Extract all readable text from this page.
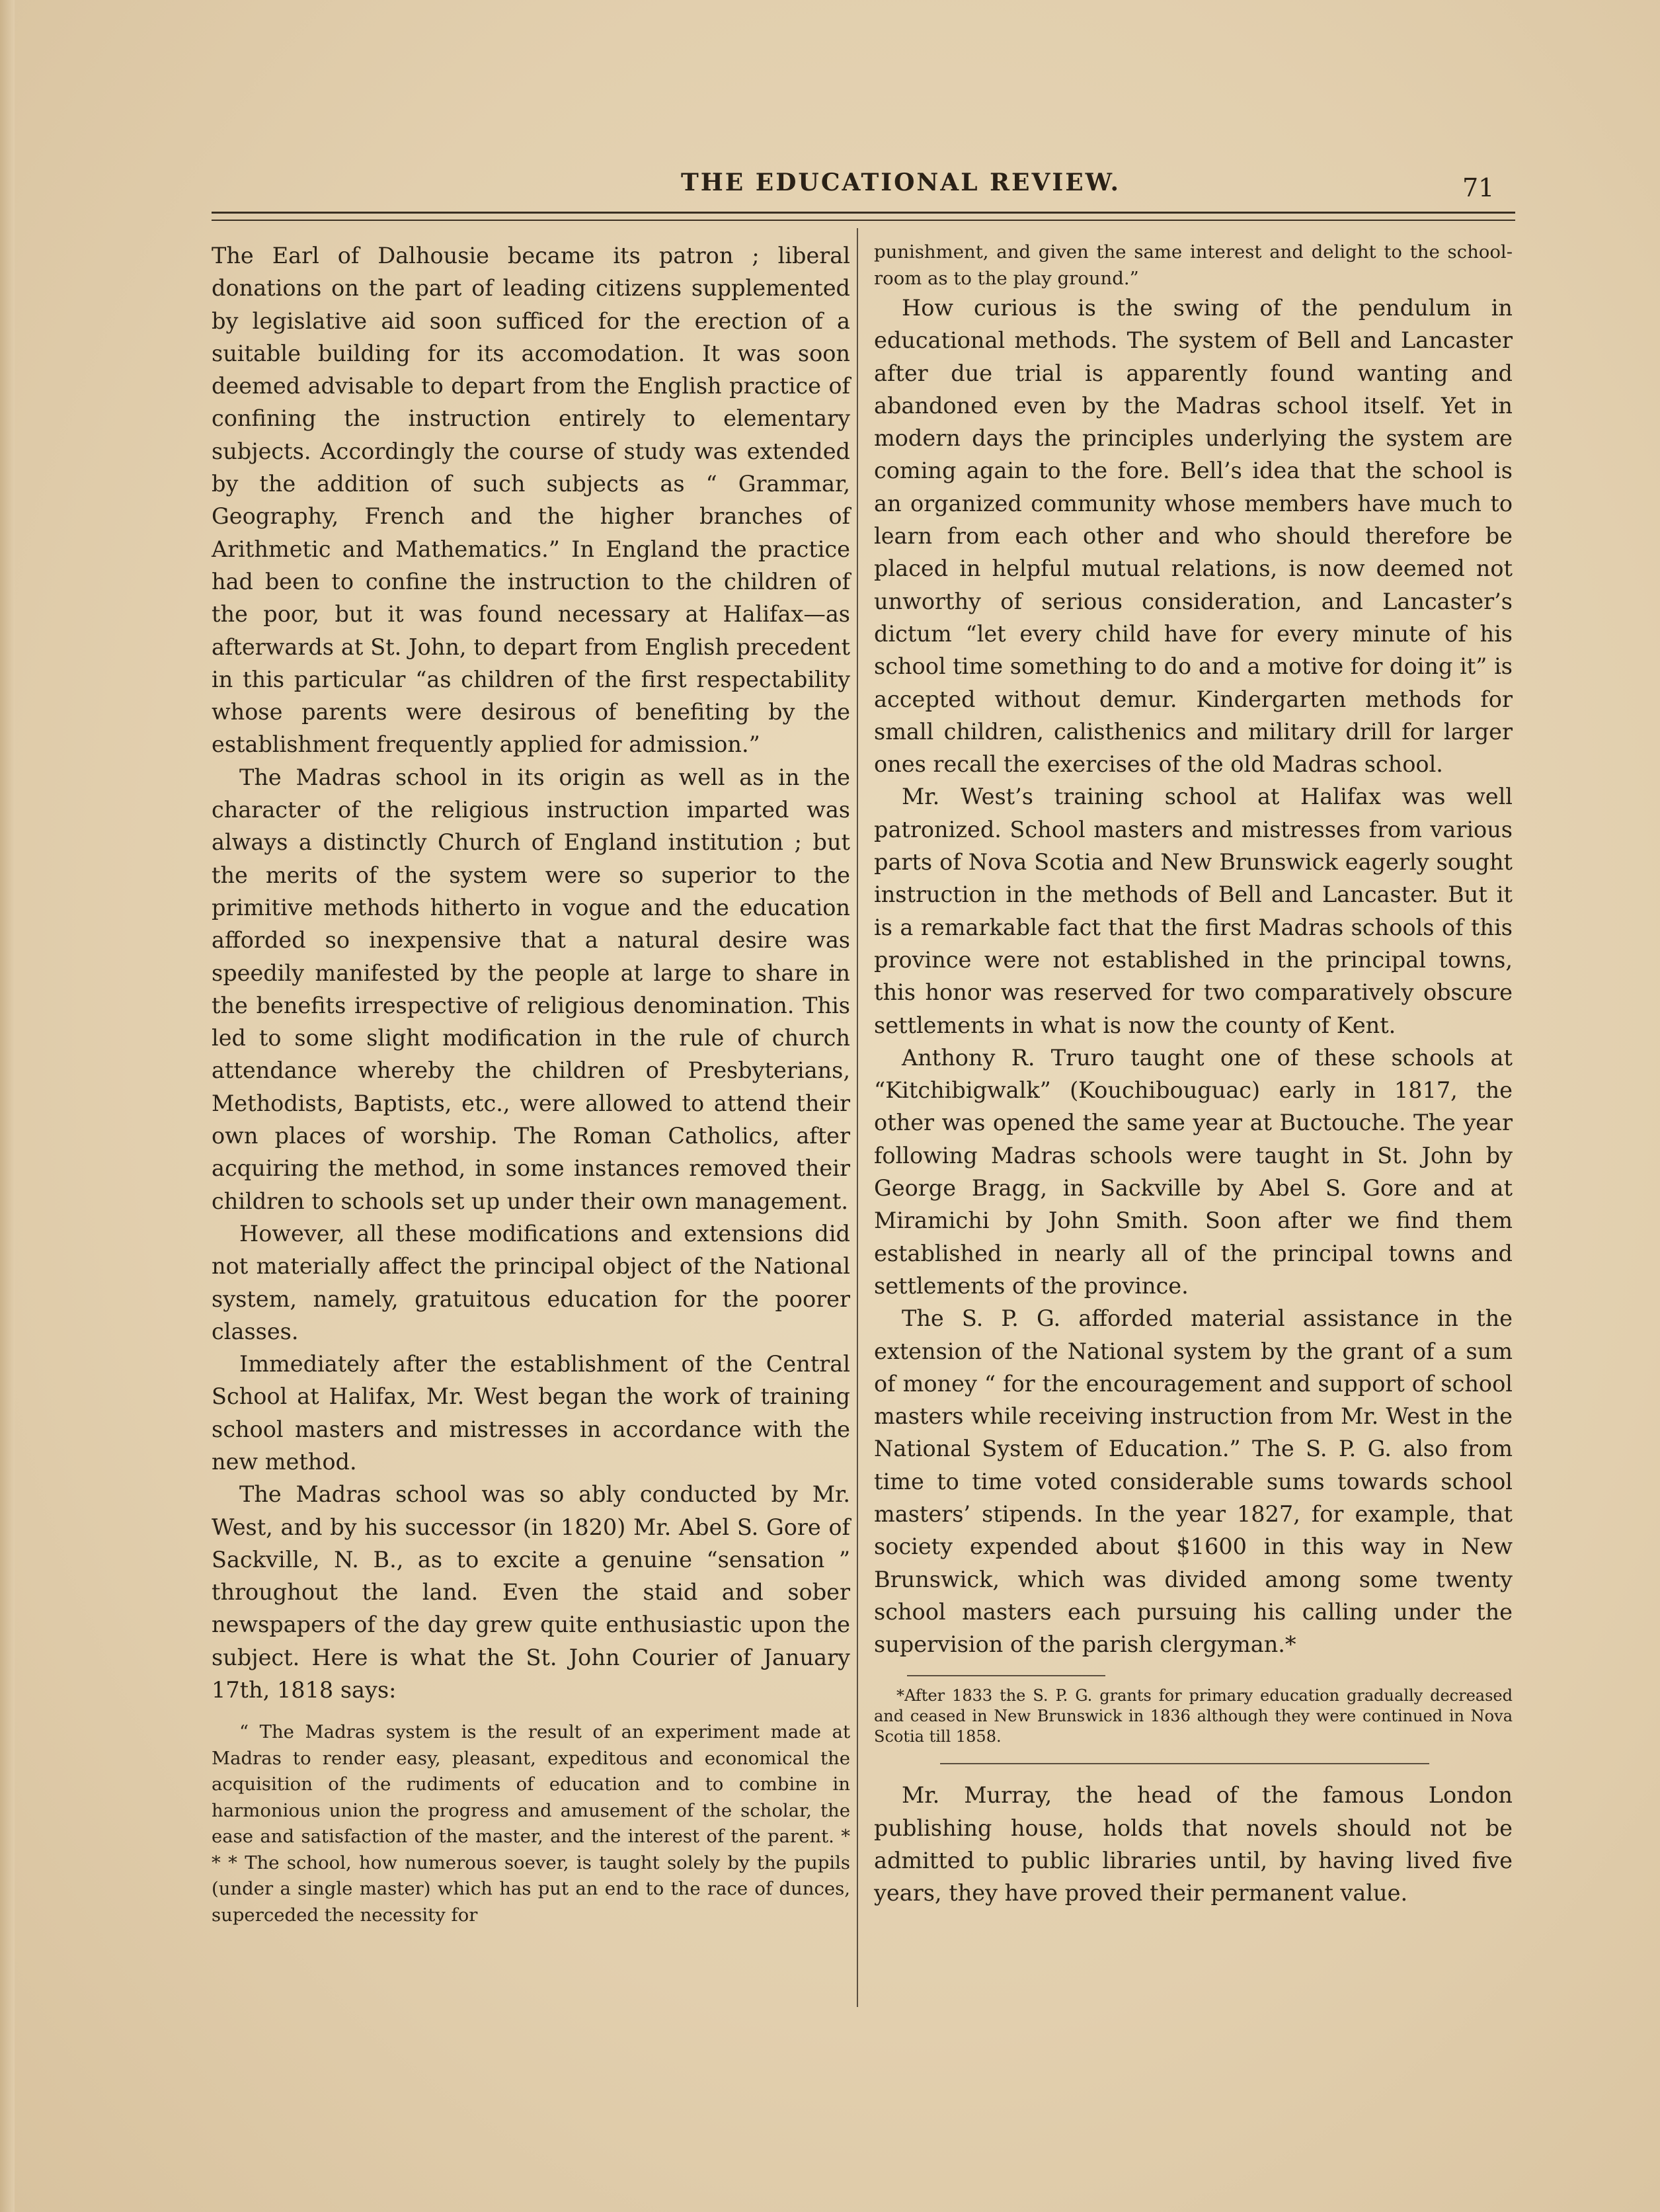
THE EDUCATIONAL REVIEW.	71

The Earl of Dalhousie became its patron ; liberal donations on the part of leading citizens supplemented by legislative aid soon sufficed for the erection of a suitable building for its accomodation. It was soon deemed advisable to depart from the English practice of confining the instruction entirely to elementary subjects. Accordingly the course of study was extended by the addition of such subjects as “ Grammar, Geography, French and the higher branches of Arithmetic and Mathematics.” In England the practice had been to confine the instruction to the children of the poor, but it was found necessary at Halifax—as afterwards at St. John, to depart from English precedent in this particular “as children of the first respectability whose parents were desirous of benefiting by the establishment frequently applied for admission.”

The Madras school in its origin as well as in the character of the religious instruction imparted was always a distinctly Church of England institution ; but the merits of the system were so superior to the primitive methods hitherto in vogue and the education afforded so inexpensive that a natural desire was speedily manifested by the people at large to share in the benefits irrespective of religious denomination. This led to some slight modification in the rule of church attendance whereby the children of Presbyterians, Methodists, Baptists, etc., were allowed to attend their own places of worship. The Roman Catholics, after acquiring the method, in some instances removed their children to schools set up under their own management.

However, all these modifications and extensions did not materially affect the principal object of the National system, namely, gratuitous education for the poorer classes.

Immediately after the establishment of the Central School at Halifax, Mr. West began the work of training school masters and mistresses in accordance with the new method.

The Madras school was so ably conducted by Mr. West, and by his successor (in 1820) Mr. Abel S. Gore of Sackville, N. B., as to excite a genuine “sensation ” throughout the land. Even the staid and sober newspapers of the day grew quite enthusiastic upon the subject. Here is what the St. John Courier of January 17th, 1818 says:

“ The Madras system is the result of an experiment made at Madras to render easy, pleasant, expeditous and economical the acquisition of the rudiments of education and to combine in harmonious union the progress and amusement of the scholar, the ease and satisfaction of the master, and the interest of the parent. * * * The school, how numerous soever, is taught solely by the pupils (under a single master) which has put an end to the race of dunces, superceded the necessity for

punishment, and given the same interest and delight to the school-room as to the play ground.”

How curious is the swing of the pendulum in educational methods. The system of Bell and Lancaster after due trial is apparently found wanting and abandoned even by the Madras school itself. Yet in modern days the principles underlying the system are coming again to the fore. Bell’s idea that the school is an organized community whose members have much to learn from each other and who should therefore be placed in helpful mutual relations, is now deemed not unworthy of serious consideration, and Lancaster’s dictum “let every child have for every minute of his school time something to do and a motive for doing it” is accepted without demur. Kindergarten methods for small children, calisthenics and military drill for larger ones recall the exercises of the old Madras school.

Mr. West’s training school at Halifax was well patronized. School masters and mistresses from various parts of Nova Scotia and New Brunswick eagerly sought instruction in the methods of Bell and Lancaster. But it is a remarkable fact that the first Madras schools of this province were not established in the principal towns, this honor was reserved for two comparatively obscure settlements in what is now the county of Kent.

Anthony R. Truro taught one of these schools at “Kitchibigwalk” (Kouchibouguac) early in 1817, the other was opened the same year at Buctouche. The year following Madras schools were taught in St. John by George Bragg, in Sackville by Abel S. Gore and at Miramichi by John Smith. Soon after we find them established in nearly all of the principal towns and settlements of the province.

The S. P. G. afforded material assistance in the extension of the National system by the grant of a sum of money “ for the encouragement and support of school masters while receiving instruction from Mr. West in the National System of Education.” The S. P. G. also from time to time voted considerable sums towards school masters’ stipends. In the year 1827, for example, that society expended about $1600 in this way in New Brunswick, which was divided among some twenty school masters each pursuing his calling under the supervision of the parish clergyman.*

*After 1833 the S. P. G. grants for primary education gradually decreased and ceased in New Brunswick in 1836 although they were continued in Nova Scotia till 1858.

Mr. Murray, the head of the famous London publishing house, holds that novels should not be admitted to public libraries until, by having lived five years, they have proved their permanent value.
